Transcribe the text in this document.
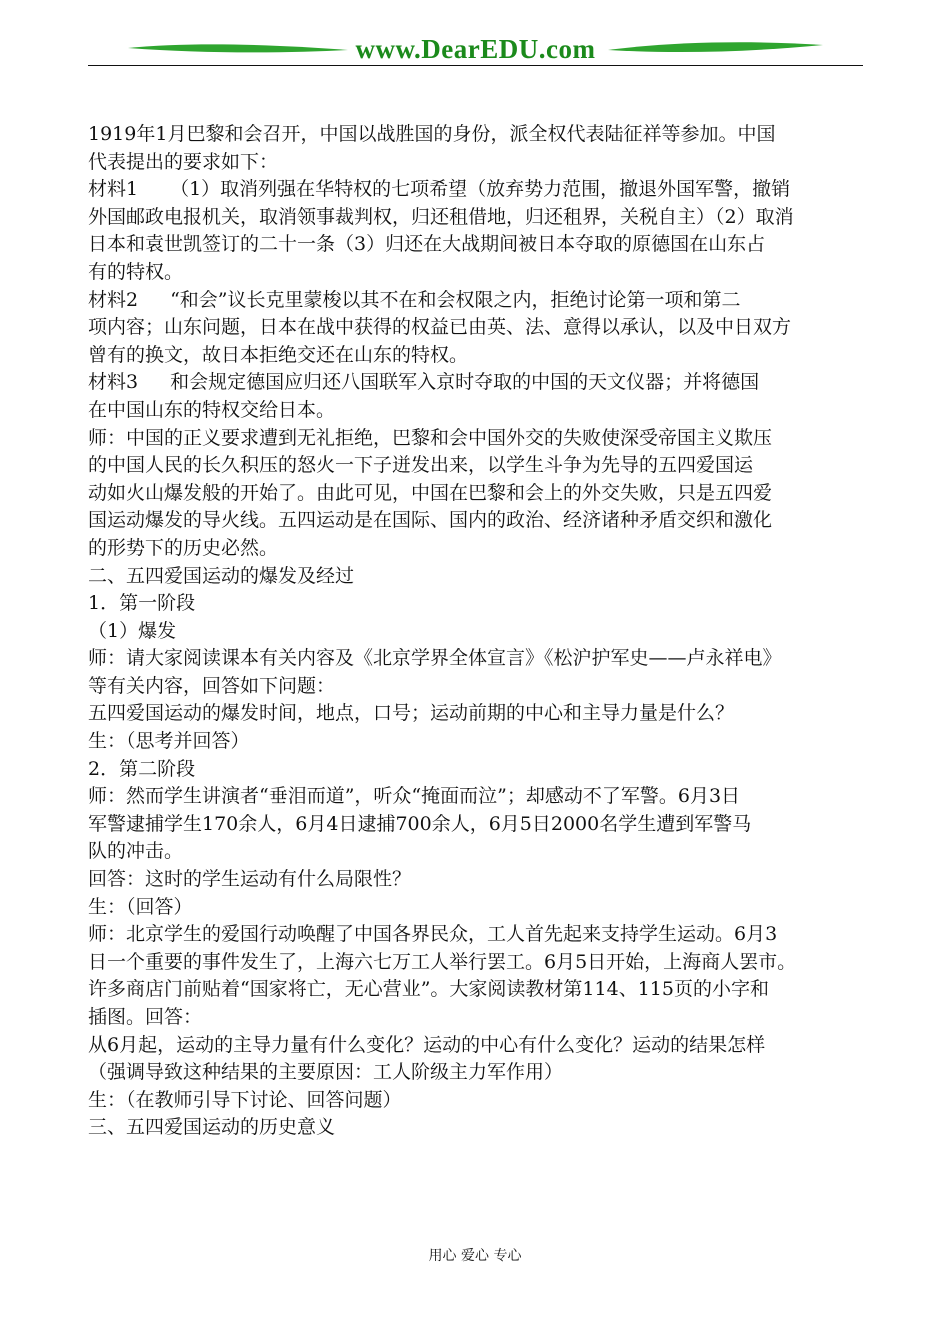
www.DearEDU.com
1919年1月巴黎和会召开，中国以战胜国的身份，派全权代表陆征祥等参加。中国
代表提出的要求如下：
材料1 （1）取消列强在华特权的七项希望（放弃势力范围，撤退外国军警，撤销
外国邮政电报机关，取消领事裁判权，归还租借地，归还租界，关税自主）（2）取消
日本和袁世凯签订的二十一条（3）归还在大战期间被日本夺取的原德国在山东占
有的特权。
材料2 “和会”议长克里蒙梭以其不在和会权限之内，拒绝讨论第一项和第二
项内容；山东问题，日本在战中获得的权益已由英、法、意得以承认，以及中日双方
曾有的换文，故日本拒绝交还在山东的特权。
材料3 和会规定德国应归还八国联军入京时夺取的中国的天文仪器；并将德国
在中国山东的特权交给日本。
师：中国的正义要求遭到无礼拒绝，巴黎和会中国外交的失败使深受帝国主义欺压
的中国人民的长久积压的怒火一下子迸发出来，以学生斗争为先导的五四爱国运
动如火山爆发般的开始了。由此可见，中国在巴黎和会上的外交失败，只是五四爱
国运动爆发的导火线。五四运动是在国际、国内的政治、经济诸种矛盾交织和激化
的形势下的历史必然。
二、五四爱国运动的爆发及经过
1．第一阶段
（1）爆发
师：请大家阅读课本有关内容及《北京学界全体宣言》《松沪护军史——卢永祥电》
等有关内容，回答如下问题：
五四爱国运动的爆发时间，地点，口号；运动前期的中心和主导力量是什么？
生：（思考并回答）
2．第二阶段
师：然而学生讲演者“垂泪而道”，听众“掩面而泣”；却感动不了军警。6月3日
军警逮捕学生170余人，6月4日逮捕700余人，6月5日2000名学生遭到军警马
队的冲击。
回答：这时的学生运动有什么局限性？
生：（回答）
师：北京学生的爱国行动唤醒了中国各界民众，工人首先起来支持学生运动。6月3
日一个重要的事件发生了，上海六七万工人举行罢工。6月5日开始，上海商人罢市。
许多商店门前贴着“国家将亡，无心营业”。大家阅读教材第114、115页的小字和
插图。回答：
从6月起，运动的主导力量有什么变化？运动的中心有什么变化？运动的结果怎样
（强调导致这种结果的主要原因：工人阶级主力军作用）
生：（在教师引导下讨论、回答问题）
三、五四爱国运动的历史意义
用心 爱心 专心
